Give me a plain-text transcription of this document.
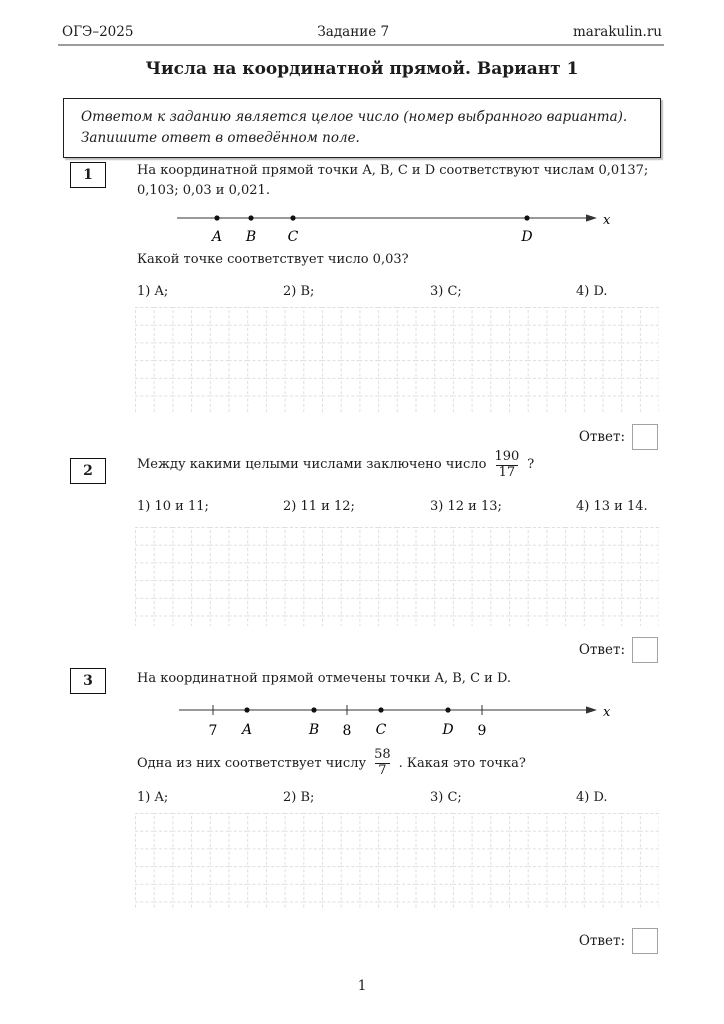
ОГЭ–2025	Задание 7	marakulin.ru
Числа на координатной прямой. Вариант 1
Ответом к заданию является целое число (номер выбранного варианта). Запишите ответ в отведённом поле.
1	На координатной прямой точки A, B, C и D соответствуют числам 0,0137; 0,103; 0,03 и 0,021.
A B C	D
x
Какой точке соответствует число 0,03?
1) A;	2) B;	3) C;	4) D.
Ответ:
2	Между какими целыми числами заключено число $\frac{190}{17}$ ?
1) 10 и 11;	2) 11 и 12;	3) 12 и 13;	4) 13 и 14.
Ответ:
3	На координатной прямой отмечены точки A, B, C и D.
7 A	B 8 C	D 9
x
Одна из них соответствует числу $\frac{58}{7}$ . Какая это точка?
1) A;	2) B;	3) C;	4) D.
Ответ:
1
